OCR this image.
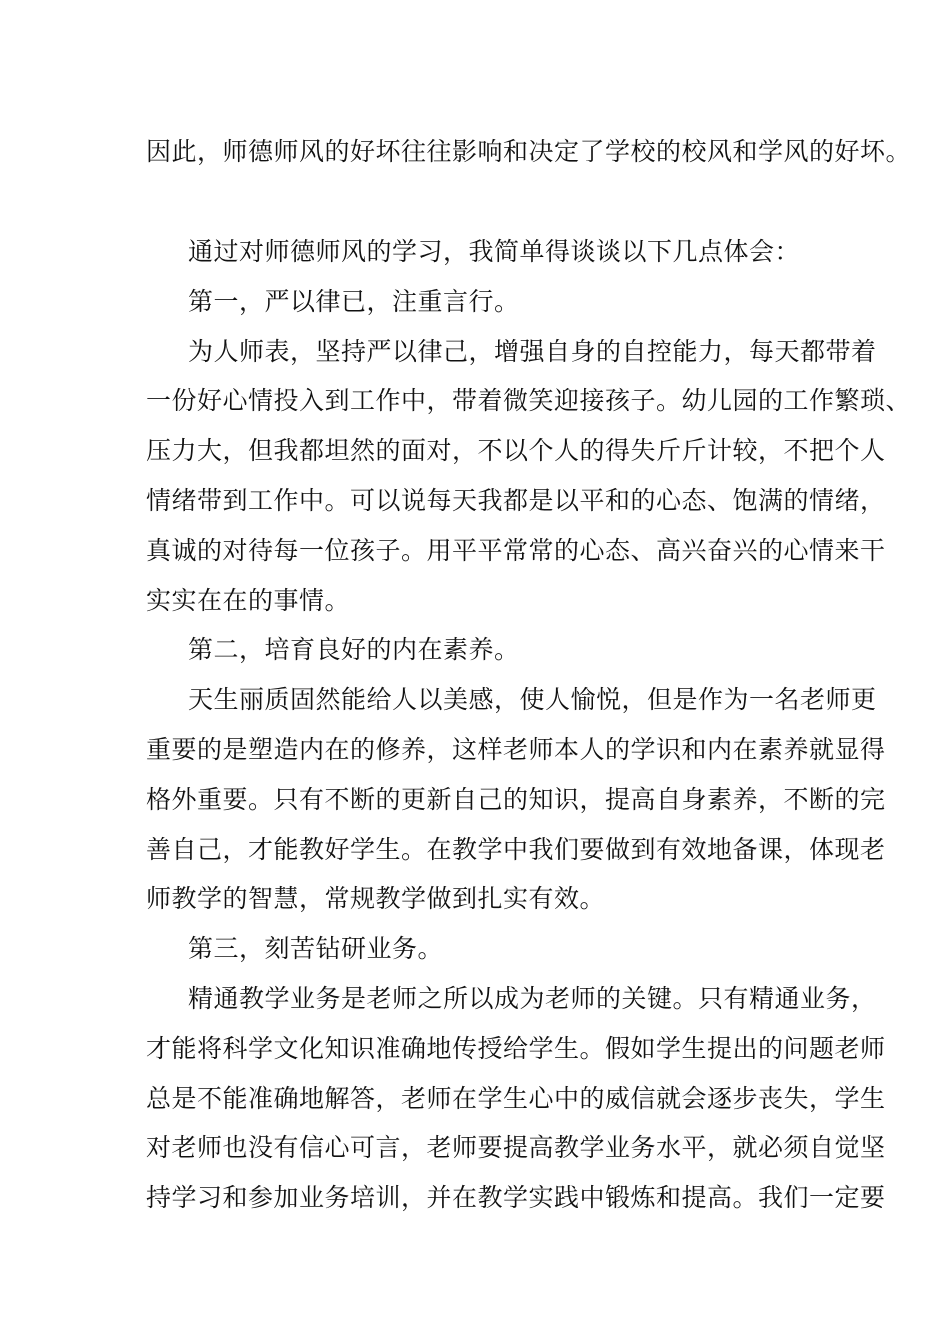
因此，师德师风的好坏往往影响和决定了学校的校风和学风的好坏。
通过对师德师风的学习，我简单得谈谈以下几点体会：
第一，严以律已，注重言行。
为人师表，坚持严以律己，增强自身的自控能力，每天都带着
一份好心情投入到工作中，带着微笑迎接孩子。幼儿园的工作繁琐、
压力大，但我都坦然的面对，不以个人的得失斤斤计较，不把个人
情绪带到工作中。可以说每天我都是以平和的心态、饱满的情绪，
真诚的对待每一位孩子。用平平常常的心态、高兴奋兴的心情来干
实实在在的事情。
第二，培育良好的内在素养。
天生丽质固然能给人以美感，使人愉悦，但是作为一名老师更
重要的是塑造内在的修养，这样老师本人的学识和内在素养就显得
格外重要。只有不断的更新自己的知识，提高自身素养，不断的完
善自己，才能教好学生。在教学中我们要做到有效地备课，体现老
师教学的智慧，常规教学做到扎实有效。
第三，刻苦钻研业务。
精通教学业务是老师之所以成为老师的关键。只有精通业务，
才能将科学文化知识准确地传授给学生。假如学生提出的问题老师
总是不能准确地解答，老师在学生心中的威信就会逐步丧失，学生
对老师也没有信心可言，老师要提高教学业务水平，就必须自觉坚
持学习和参加业务培训，并在教学实践中锻炼和提高。我们一定要
